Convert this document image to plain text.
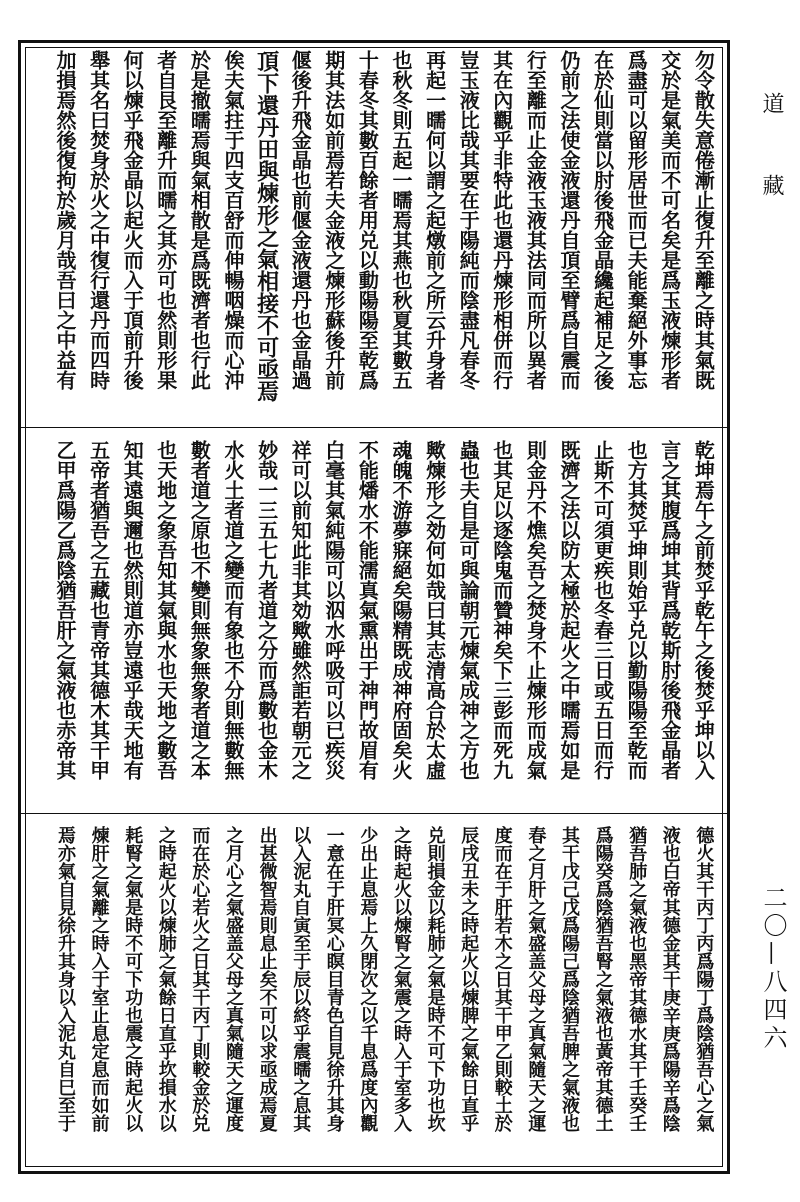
勿令散失意倦漸止復升至離之時其氣既
交於是氣美而不可名矣是爲玉液煉形者
爲盡可以留形居世而已夫能棄絕外事忘
在於仙則當以肘後飛金晶纔起補足之後
仍前之法使金液還丹自頂至臂爲自震而
行至離而止金液玉液其法同而所以異者
其在內觀乎非特此也還丹煉形相併而行
豈玉液比哉其要在于陽純而陰盡凡春冬
再起一曘何以謂之起燉前之所云升身者
也秋冬則五起一曘焉其燕也秋夏其數五
十春冬其數百餘者用兑以動陽陽至乾爲
期其法如前焉若夫金液之煉形蘇後升前
偃後升飛金晶也前偃金液還丹也金晶過
頂下還丹田與煉形之氣相接不可亟焉
俟夫氣拄于四支百舒而伸暢咽燥而心沖
於是撤曘焉與氣相散是爲既濟者也行此
者自艮至離升而曘之其亦可也然則形果
何以煉乎飛金晶以起火而入于頂前升後
舉其名曰焚身於火之中復行還丹而四時
加損焉然後復拘於歲月哉吾曰之中益有
乾坤焉午之前焚乎乾午之後焚乎坤以入
言之其腹爲坤其背爲乾斯肘後飛金晶者
也方其焚乎坤則始乎兑以勤陽陽至乾而
止斯不可須更疾也冬春三日或五日而行
既濟之法以防太極於起火之中曘焉如是
則金丹不燋矣吾之焚身不止煉形而成氣
也其足以逐陰鬼而贊神矣下三彭而死九
蟲也夫自是可與論朝元煉氣成神之方也
歟煉形之効何如哉曰其志清高合於太虛
魂魄不游夢寐絕矣陽精既成神府固矣火
不能燔水不能濡真氣熏出于神門故眉有
白毫其氣純陽可以泅水呼吸可以已疾災
祥可以前知此非其効歟雖然詎若朝元之
妙哉一三五七九者道之分而爲數也金木
水火土者道之變而有象也不分則無數無
數者道之原也不變則無象無象者道之本
也天地之象吾知其氣與水也天地之數吾
知其遠與邇也然則道亦豈遠乎哉天地有
五帝者猶吾之五藏也青帝其德木其干甲
乙甲爲陽乙爲陰猶吾肝之氣液也赤帝其
德火其干丙丁丙爲陽丁爲陰猶吾心之氣
液也白帝其德金其干庚辛庚爲陽辛爲陰
猶吾肺之氣液也黑帝其德水其干壬癸壬
爲陽癸爲陰猶吾腎之氣液也黃帝其德土
其干戊己戊爲陽己爲陰猶吾脾之氣液也
春之月肝之氣盛盖父母之真氣隨天之運
度而在于肝若木之日其干甲乙則較土於
辰戌丑未之時起火以煉脾之氣餘日直乎
兑則損金以耗肺之氣是時不可下功也坎
之時起火以煉腎之氣震之時入于室多入
少出止息焉上久閉次之以千息爲度內觀
一意在于肝冥心瞑目青色自見徐升其身
以入泥丸自寅至于辰以終乎震曘之息其
出甚微智焉則息止矣不可以求亟成焉夏
之月心之氣盛盖父母之真氣隨天之運度
而在於心若火之日其干丙丁則較金於兑
之時起火以煉肺之氣餘日直乎坎損水以
耗腎之氣是時不可下功也震之時起火以
煉肝之氣離之時入于室止息定息而如前
焉亦氣自見徐升其身以入泥丸自巳至于
道藏
二〇—八四六
